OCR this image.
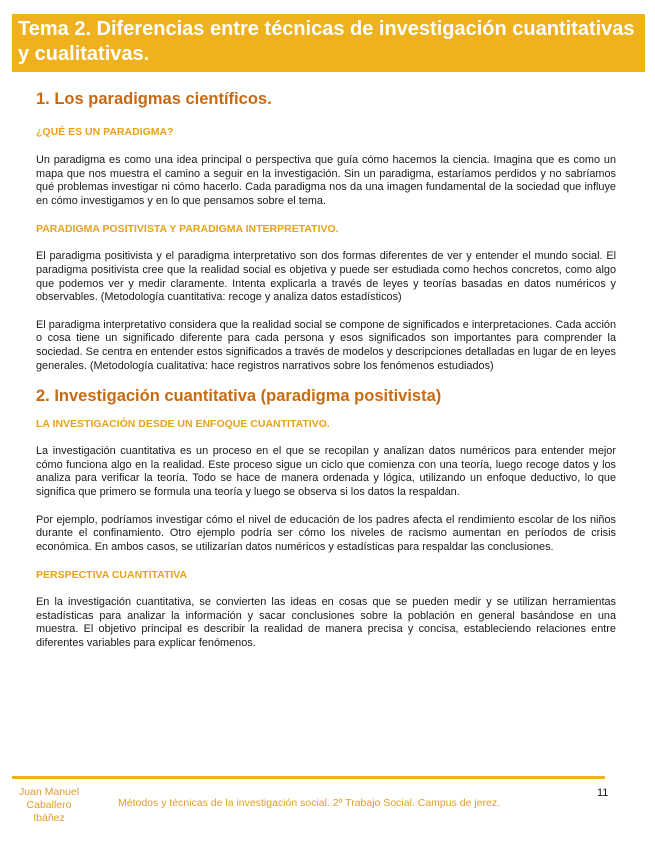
Tema 2. Diferencias entre técnicas de investigación cuantitativas y cualitativas.
1. Los paradigmas científicos.
¿QUÉ ES UN PARADIGMA?

Un paradigma es como una idea principal o perspectiva que guía cómo hacemos la ciencia. Imagina que es como un mapa que nos muestra el camino a seguir en la investigación. Sin un paradigma, estaríamos perdidos y no sabríamos qué problemas investigar ni cómo hacerlo. Cada paradigma nos da una imagen fundamental de la sociedad que influye en cómo investigamos y en lo que pensamos sobre el tema.

PARADIGMA POSITIVISTA Y PARADIGMA INTERPRETATIVO.

El paradigma positivista y el paradigma interpretativo son dos formas diferentes de ver y entender el mundo social. El paradigma positivista cree que la realidad social es objetiva y puede ser estudiada como hechos concretos, como algo que podemos ver y medir claramente. Intenta explicarla a través de leyes y teorías basadas en datos numéricos y observables. (Metodología cuantitativa: recoge y analiza datos estadísticos)

El paradigma interpretativo considera que la realidad social se compone de significados e interpretaciones. Cada acción o cosa tiene un significado diferente para cada persona y esos significados son importantes para comprender la sociedad. Se centra en entender estos significados a través de modelos y descripciones detalladas en lugar de en leyes generales. (Metodología cualitativa: hace registros narrativos sobre los fenómenos estudiados)

2. Investigación cuantitativa (paradigma positivista)
LA INVESTIGACIÓN DESDE UN ENFOQUE CUANTITATIVO.

La investigación cuantitativa es un proceso en el que se recopilan y analizan datos numéricos para entender mejor cómo funciona algo en la realidad. Este proceso sigue un ciclo que comienza con una teoría, luego recoge datos y los analiza para verificar la teoría. Todo se hace de manera ordenada y lógica, utilizando un enfoque deductivo, lo que significa que primero se formula una teoría y luego se observa si los datos la respaldan.

Por ejemplo, podríamos investigar cómo el nivel de educación de los padres afecta el rendimiento escolar de los niños durante el confinamiento. Otro ejemplo podría ser cómo los niveles de racismo aumentan en períodos de crisis económica. En ambos casos, se utilizarían datos numéricos y estadísticas para respaldar las conclusiones.

PERSPECTIVA CUANTITATIVA

En la investigación cuantitativa, se convierten las ideas en cosas que se pueden medir y se utilizan herramientas estadísticas para analizar la información y sacar conclusiones sobre la población en general basándose en una muestra. El objetivo principal es describir la realidad de manera precisa y concisa, estableciendo relaciones entre diferentes variables para explicar fenómenos.

11
Juan Manuel Caballero Ibáñez
Métodos y técnicas de la investigación social. 2º Trabajo Social. Campus de jerez.
